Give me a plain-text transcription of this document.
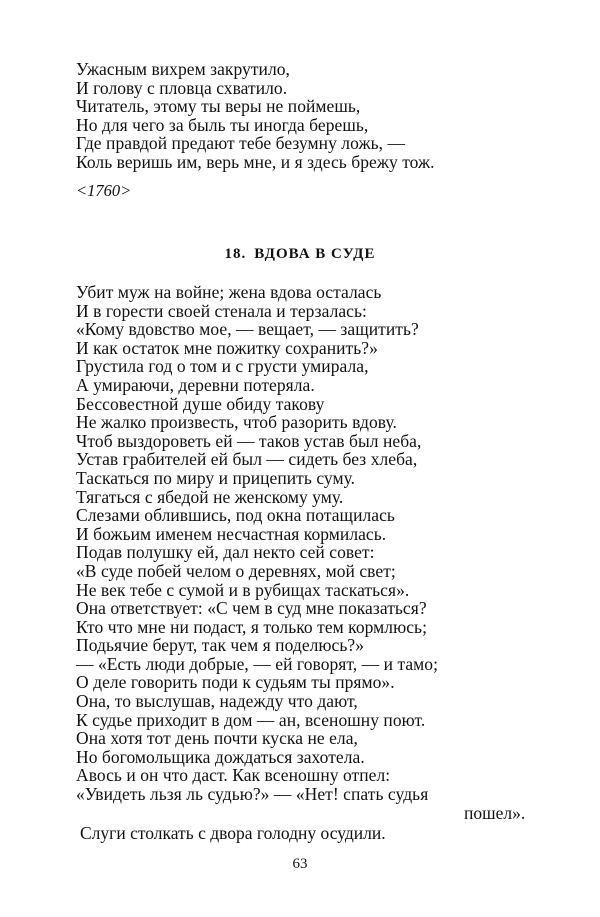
Ужасным вихрем закрутило,
И голову с пловца схватило.
Читатель, этому ты веры не поймешь,
Но для чего за быль ты иногда берешь,
Где правдой предают тебе безумну ложь, —
Коль веришь им, верь мне, и я здесь брежу тож.
<1760>
18. ВДОВА В СУДЕ
Убит муж на войне; жена вдова осталась
И в горести своей стенала и терзалась:
«Кому вдовство мое, — вещает, — защитить?
И как остаток мне пожитку сохранить?»
Грустила год о том и с грусти умирала,
А умираючи, деревни потеряла.
Бессовестной душе обиду такову
Не жалко произвесть, чтоб разорить вдову.
Чтоб выздороветь ей — таков устав был неба,
Устав грабителей ей был — сидеть без хлеба,
Таскаться по миру и прицепить суму.
Тягаться с ябедой не женскому уму.
Слезами облившись, под окна потащилась
И божьим именем несчастная кормилась.
Подав полушку ей, дал некто сей совет:
«В суде побей челом о деревнях, мой свет;
Не век тебе с сумой и в рубищах таскаться».
Она ответствует: «С чем в суд мне показаться?
Кто что мне ни подаст, я только тем кормлюсь;
Подьячие берут, так чем я поделюсь?»
— «Есть люди добрые, — ей говорят, — и тамо;
О деле говорить поди к судьям ты прямо».
Она, то выслушав, надежду что дают,
К судье приходит в дом — ан, всеношну поют.
Она хотя тот день почти куска не ела,
Но богомольщика дождаться захотела.
Авось и он что даст. Как всеношну отпел:
«Увидеть льзя ль судью?» — «Нет! спать судья
пошел».
Слуги столкать с двора голодну осудили.
63
